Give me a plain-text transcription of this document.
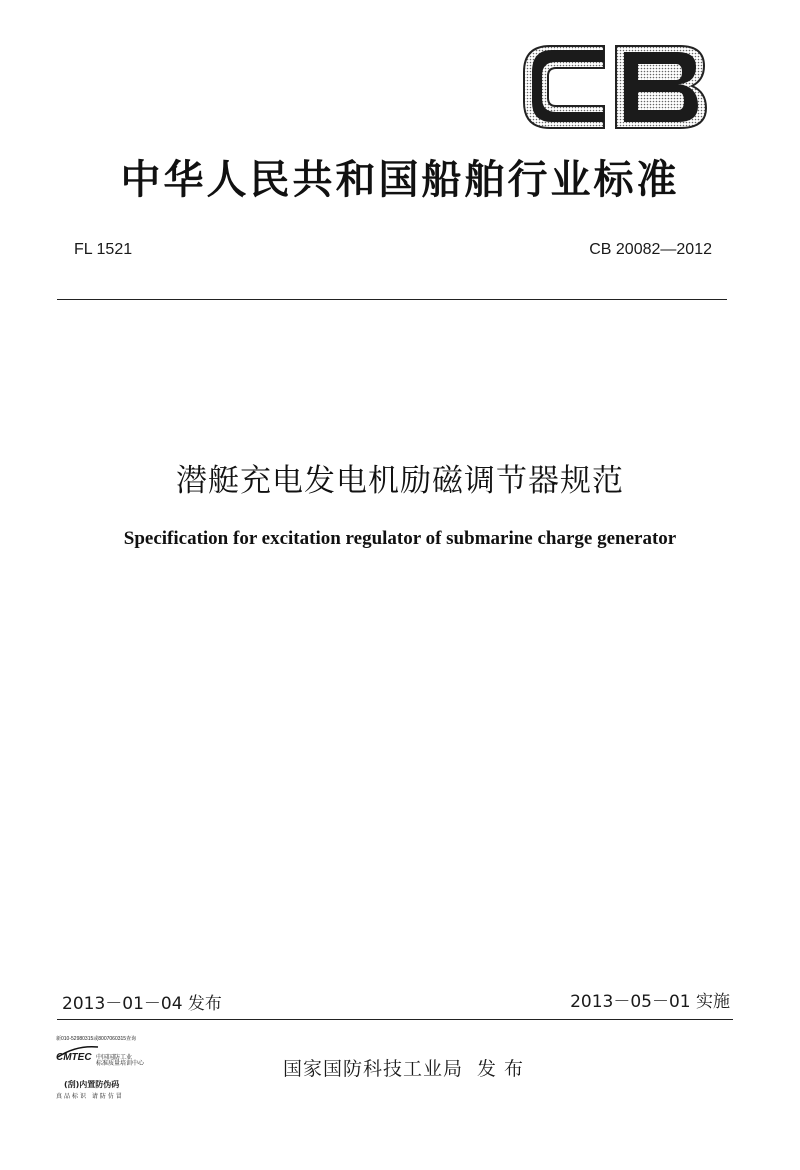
中华人民共和国船舶行业标准
FL 1521	CB 20082—2012
潜艇充电发电机励磁调节器规范
Specification for excitation regulator of submarine charge generator
2013－01－04 发布	2013－05－01 实施
国家国防科技工业局 发 布
新010-52980315或8007060315查询
CMTEC 中国国防工业
标准质量培训中心
(刮)内置防伪码
真品标识 请防仿冒
